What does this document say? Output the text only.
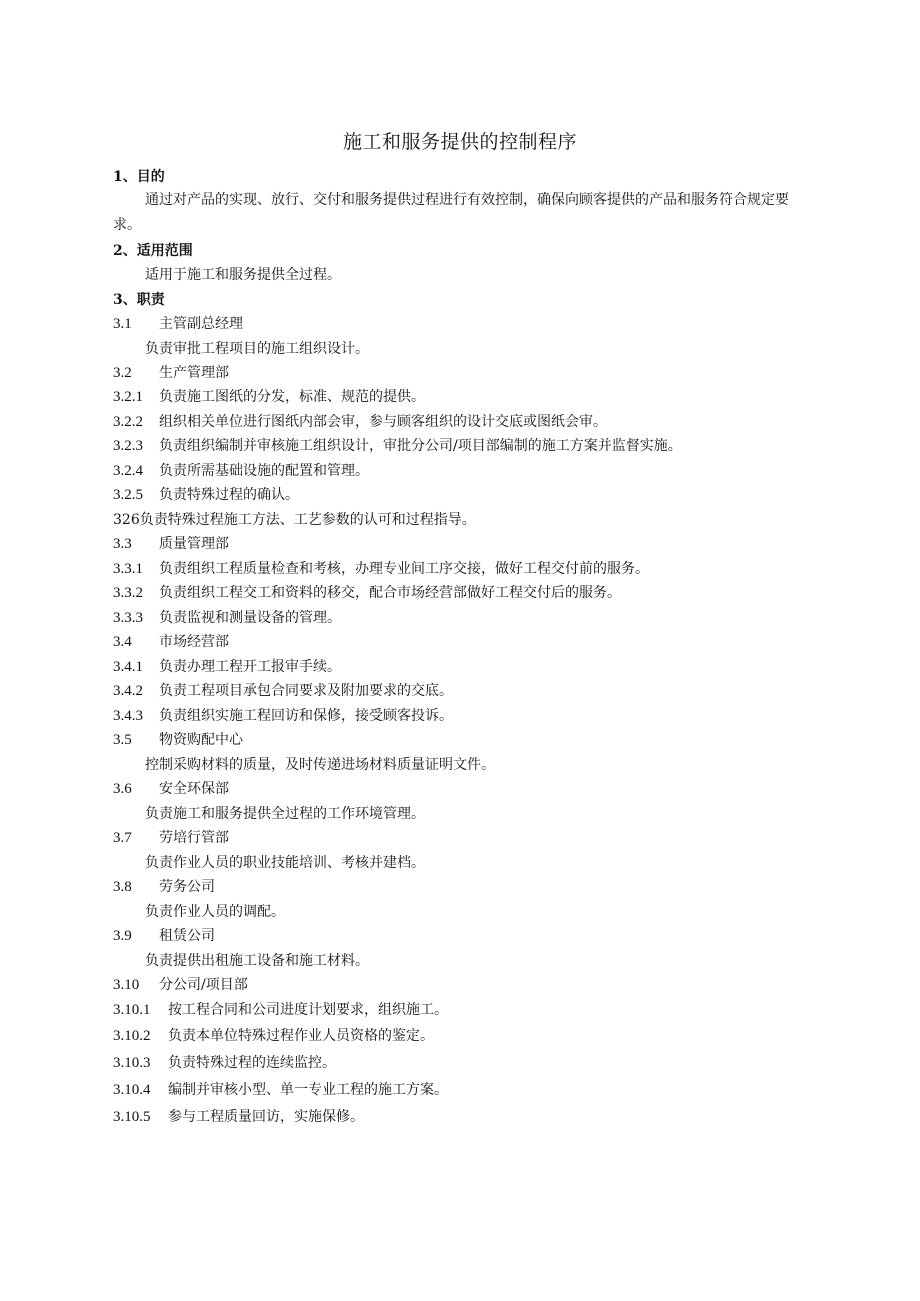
施工和服务提供的控制程序
1、目的
通过对产品的实现、放行、交付和服务提供过程进行有效控制，确保向顾客提供的产品和服务符合规定要求。
2、适用范围
适用于施工和服务提供全过程。
3、职责
3.1 主管副总经理
负责审批工程项目的施工组织设计。
3.2 生产管理部
3.2.1 负责施工图纸的分发，标准、规范的提供。
3.2.2 组织相关单位进行图纸内部会审，参与顾客组织的设计交底或图纸会审。
3.2.3 负责组织编制并审核施工组织设计，审批分公司/项目部编制的施工方案并监督实施。
3.2.4 负责所需基础设施的配置和管理。
3.2.5 负责特殊过程的确认。
326负责特殊过程施工方法、工艺参数的认可和过程指导。
3.3 质量管理部
3.3.1 负责组织工程质量检查和考核，办理专业间工序交接，做好工程交付前的服务。
3.3.2 负责组织工程交工和资料的移交，配合市场经营部做好工程交付后的服务。
3.3.3 负责监视和测量设备的管理。
3.4 市场经营部
3.4.1 负责办理工程开工报审手续。
3.4.2 负责工程项目承包合同要求及附加要求的交底。
3.4.3 负责组织实施工程回访和保修，接受顾客投诉。
3.5 物资购配中心
控制采购材料的质量，及时传递进场材料质量证明文件。
3.6 安全环保部
负责施工和服务提供全过程的工作环境管理。
3.7 劳培行管部
负责作业人员的职业技能培训、考核并建档。
3.8 劳务公司
负责作业人员的调配。
3.9 租赁公司
负责提供出租施工设备和施工材料。
3.10 分公司/项目部
3.10.1 按工程合同和公司进度计划要求，组织施工。
3.10.2 负责本单位特殊过程作业人员资格的鉴定。
3.10.3 负责特殊过程的连续监控。
3.10.4 编制并审核小型、单一专业工程的施工方案。
3.10.5 参与工程质量回访，实施保修。
